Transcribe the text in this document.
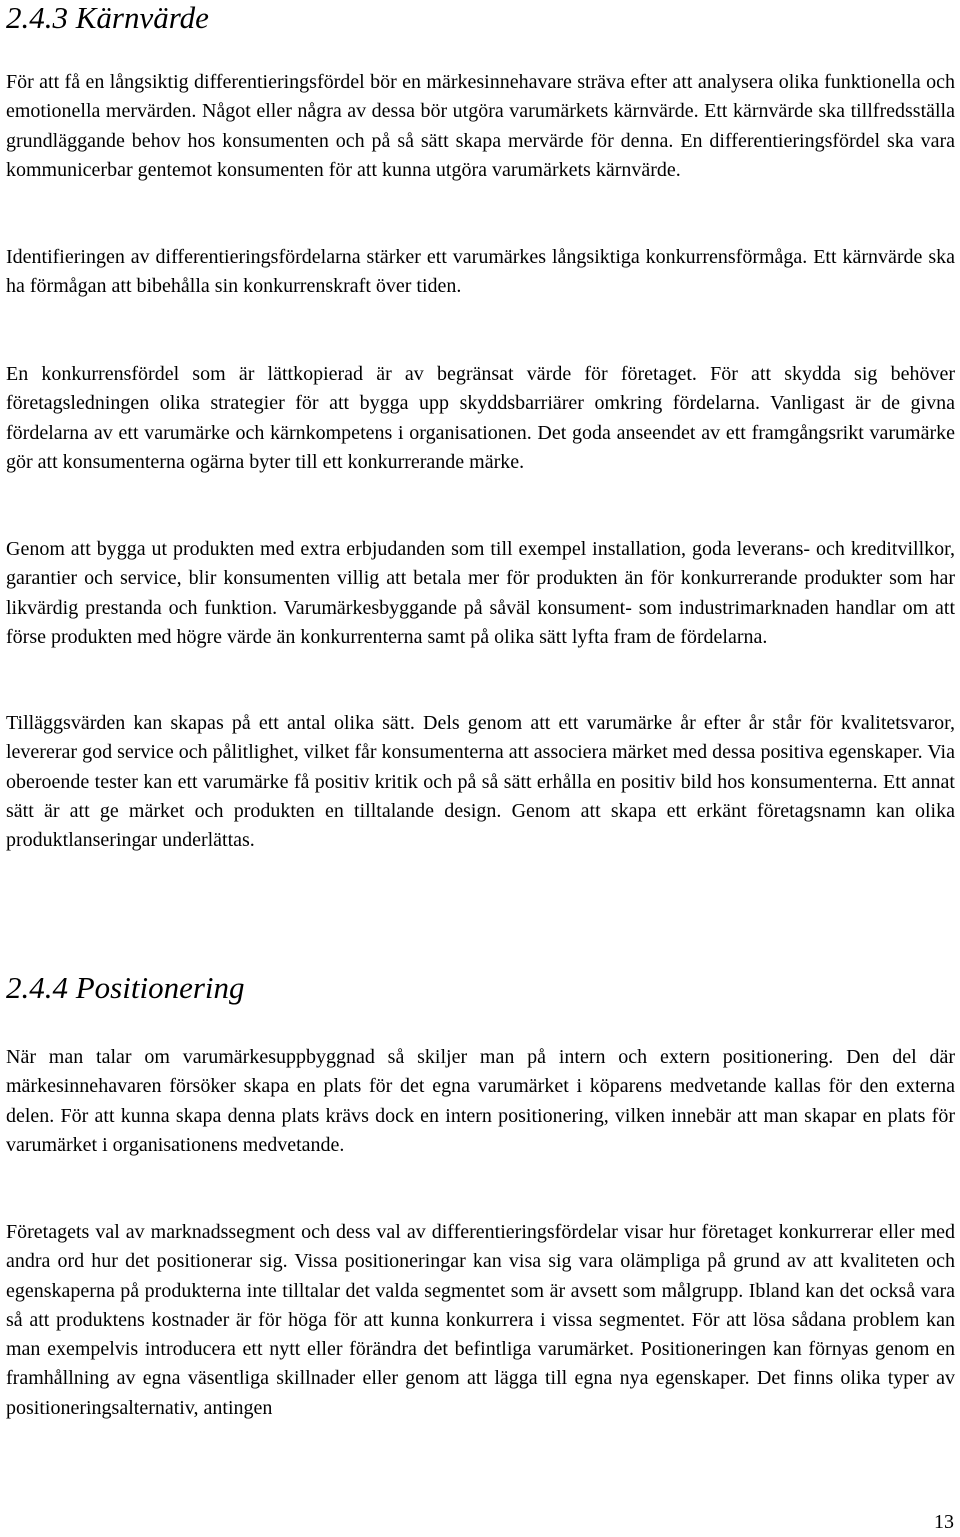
2.4.3 Kärnvärde

För att få en långsiktig differentieringsfördel bör en märkesinnehavare sträva efter att analysera olika funktionella och emotionella mervärden. Något eller några av dessa bör utgöra varumärkets kärnvärde. Ett kärnvärde ska tillfredsställa grundläggande behov hos konsumenten och på så sätt skapa mervärde för denna. En differentieringsfördel ska vara kommunicerbar gentemot konsumenten för att kunna utgöra varumärkets kärnvärde.

Identifieringen av differentieringsfördelarna stärker ett varumärkes långsiktiga konkurrensförmåga. Ett kärnvärde ska ha förmågan att bibehålla sin konkurrenskraft över tiden.

En konkurrensfördel som är lättkopierad är av begränsat värde för företaget. För att skydda sig behöver företagsledningen olika strategier för att bygga upp skyddsbarriärer omkring fördelarna. Vanligast är de givna fördelarna av ett varumärke och kärnkompetens i organisationen. Det goda anseendet av ett framgångsrikt varumärke gör att konsumenterna ogärna byter till ett konkurrerande märke.

Genom att bygga ut produkten med extra erbjudanden som till exempel installation, goda leverans- och kreditvillkor, garantier och service, blir konsumenten villig att betala mer för produkten än för konkurrerande produkter som har likvärdig prestanda och funktion. Varumärkesbyggande på såväl konsument- som industrimarknaden handlar om att förse produkten med högre värde än konkurrenterna samt på olika sätt lyfta fram de fördelarna.

Tilläggsvärden kan skapas på ett antal olika sätt. Dels genom att ett varumärke år efter år står för kvalitetsvaror, levererar god service och pålitlighet, vilket får konsumenterna att associera märket med dessa positiva egenskaper. Via oberoende tester kan ett varumärke få positiv kritik och på så sätt erhålla en positiv bild hos konsumenterna. Ett annat sätt är att ge märket och produkten en tilltalande design. Genom att skapa ett erkänt företagsnamn kan olika produktlanseringar underlättas.

2.4.4 Positionering

När man talar om varumärkesuppbyggnad så skiljer man på intern och extern positionering. Den del där märkesinnehavaren försöker skapa en plats för det egna varumärket i köparens medvetande kallas för den externa delen. För att kunna skapa denna plats krävs dock en intern positionering, vilken innebär att man skapar en plats för varumärket i organisationens medvetande.

Företagets val av marknadssegment och dess val av differentieringsfördelar visar hur företaget konkurrerar eller med andra ord hur det positionerar sig. Vissa positioneringar kan visa sig vara olämpliga på grund av att kvaliteten och egenskaperna på produkterna inte tilltalar det valda segmentet som är avsett som målgrupp. Ibland kan det också vara så att produktens kostnader är för höga för att kunna konkurrera i vissa segmentet. För att lösa sådana problem kan man exempelvis introducera ett nytt eller förändra det befintliga varumärket. Positioneringen kan förnyas genom en framhållning av egna väsentliga skillnader eller genom att lägga till egna nya egenskaper. Det finns olika typer av positioneringsalternativ, antingen

13
